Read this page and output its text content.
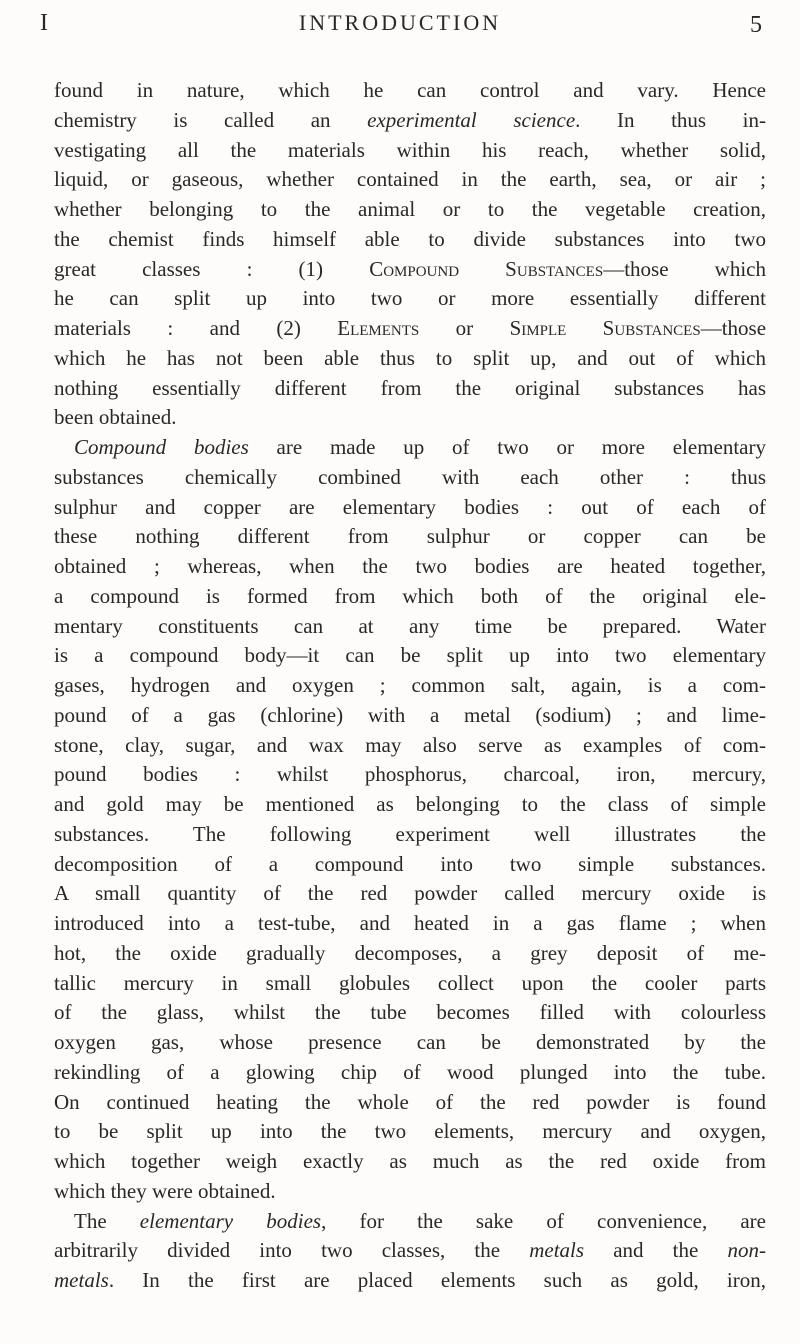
I	INTRODUCTION	5
found in nature, which he can control and vary. Hence
chemistry is called an experimental science. In thus in-
vestigating all the materials within his reach, whether solid,
liquid, or gaseous, whether contained in the earth, sea, or air ;
whether belonging to the animal or to the vegetable creation,
the chemist finds himself able to divide substances into two
great classes : (1) Compound Substances—those which
he can split up into two or more essentially different
materials : and (2) Elements or Simple Substances—those
which he has not been able thus to split up, and out of which
nothing essentially different from the original substances has
been obtained.
Compound bodies are made up of two or more elementary
substances chemically combined with each other : thus
sulphur and copper are elementary bodies : out of each of
these nothing different from sulphur or copper can be
obtained ; whereas, when the two bodies are heated together,
a compound is formed from which both of the original ele-
mentary constituents can at any time be prepared. Water
is a compound body—it can be split up into two elementary
gases, hydrogen and oxygen ; common salt, again, is a com-
pound of a gas (chlorine) with a metal (sodium) ; and lime-
stone, clay, sugar, and wax may also serve as examples of com-
pound bodies : whilst phosphorus, charcoal, iron, mercury,
and gold may be mentioned as belonging to the class of simple
substances. The following experiment well illustrates the
decomposition of a compound into two simple substances.
A small quantity of the red powder called mercury oxide is
introduced into a test-tube, and heated in a gas flame ; when
hot, the oxide gradually decomposes, a grey deposit of me-
tallic mercury in small globules collect upon the cooler parts
of the glass, whilst the tube becomes filled with colourless
oxygen gas, whose presence can be demonstrated by the
rekindling of a glowing chip of wood plunged into the tube.
On continued heating the whole of the red powder is found
to be split up into the two elements, mercury and oxygen,
which together weigh exactly as much as the red oxide from
which they were obtained.
The elementary bodies, for the sake of convenience, are
arbitrarily divided into two classes, the metals and the non-
metals. In the first are placed elements such as gold, iron,
